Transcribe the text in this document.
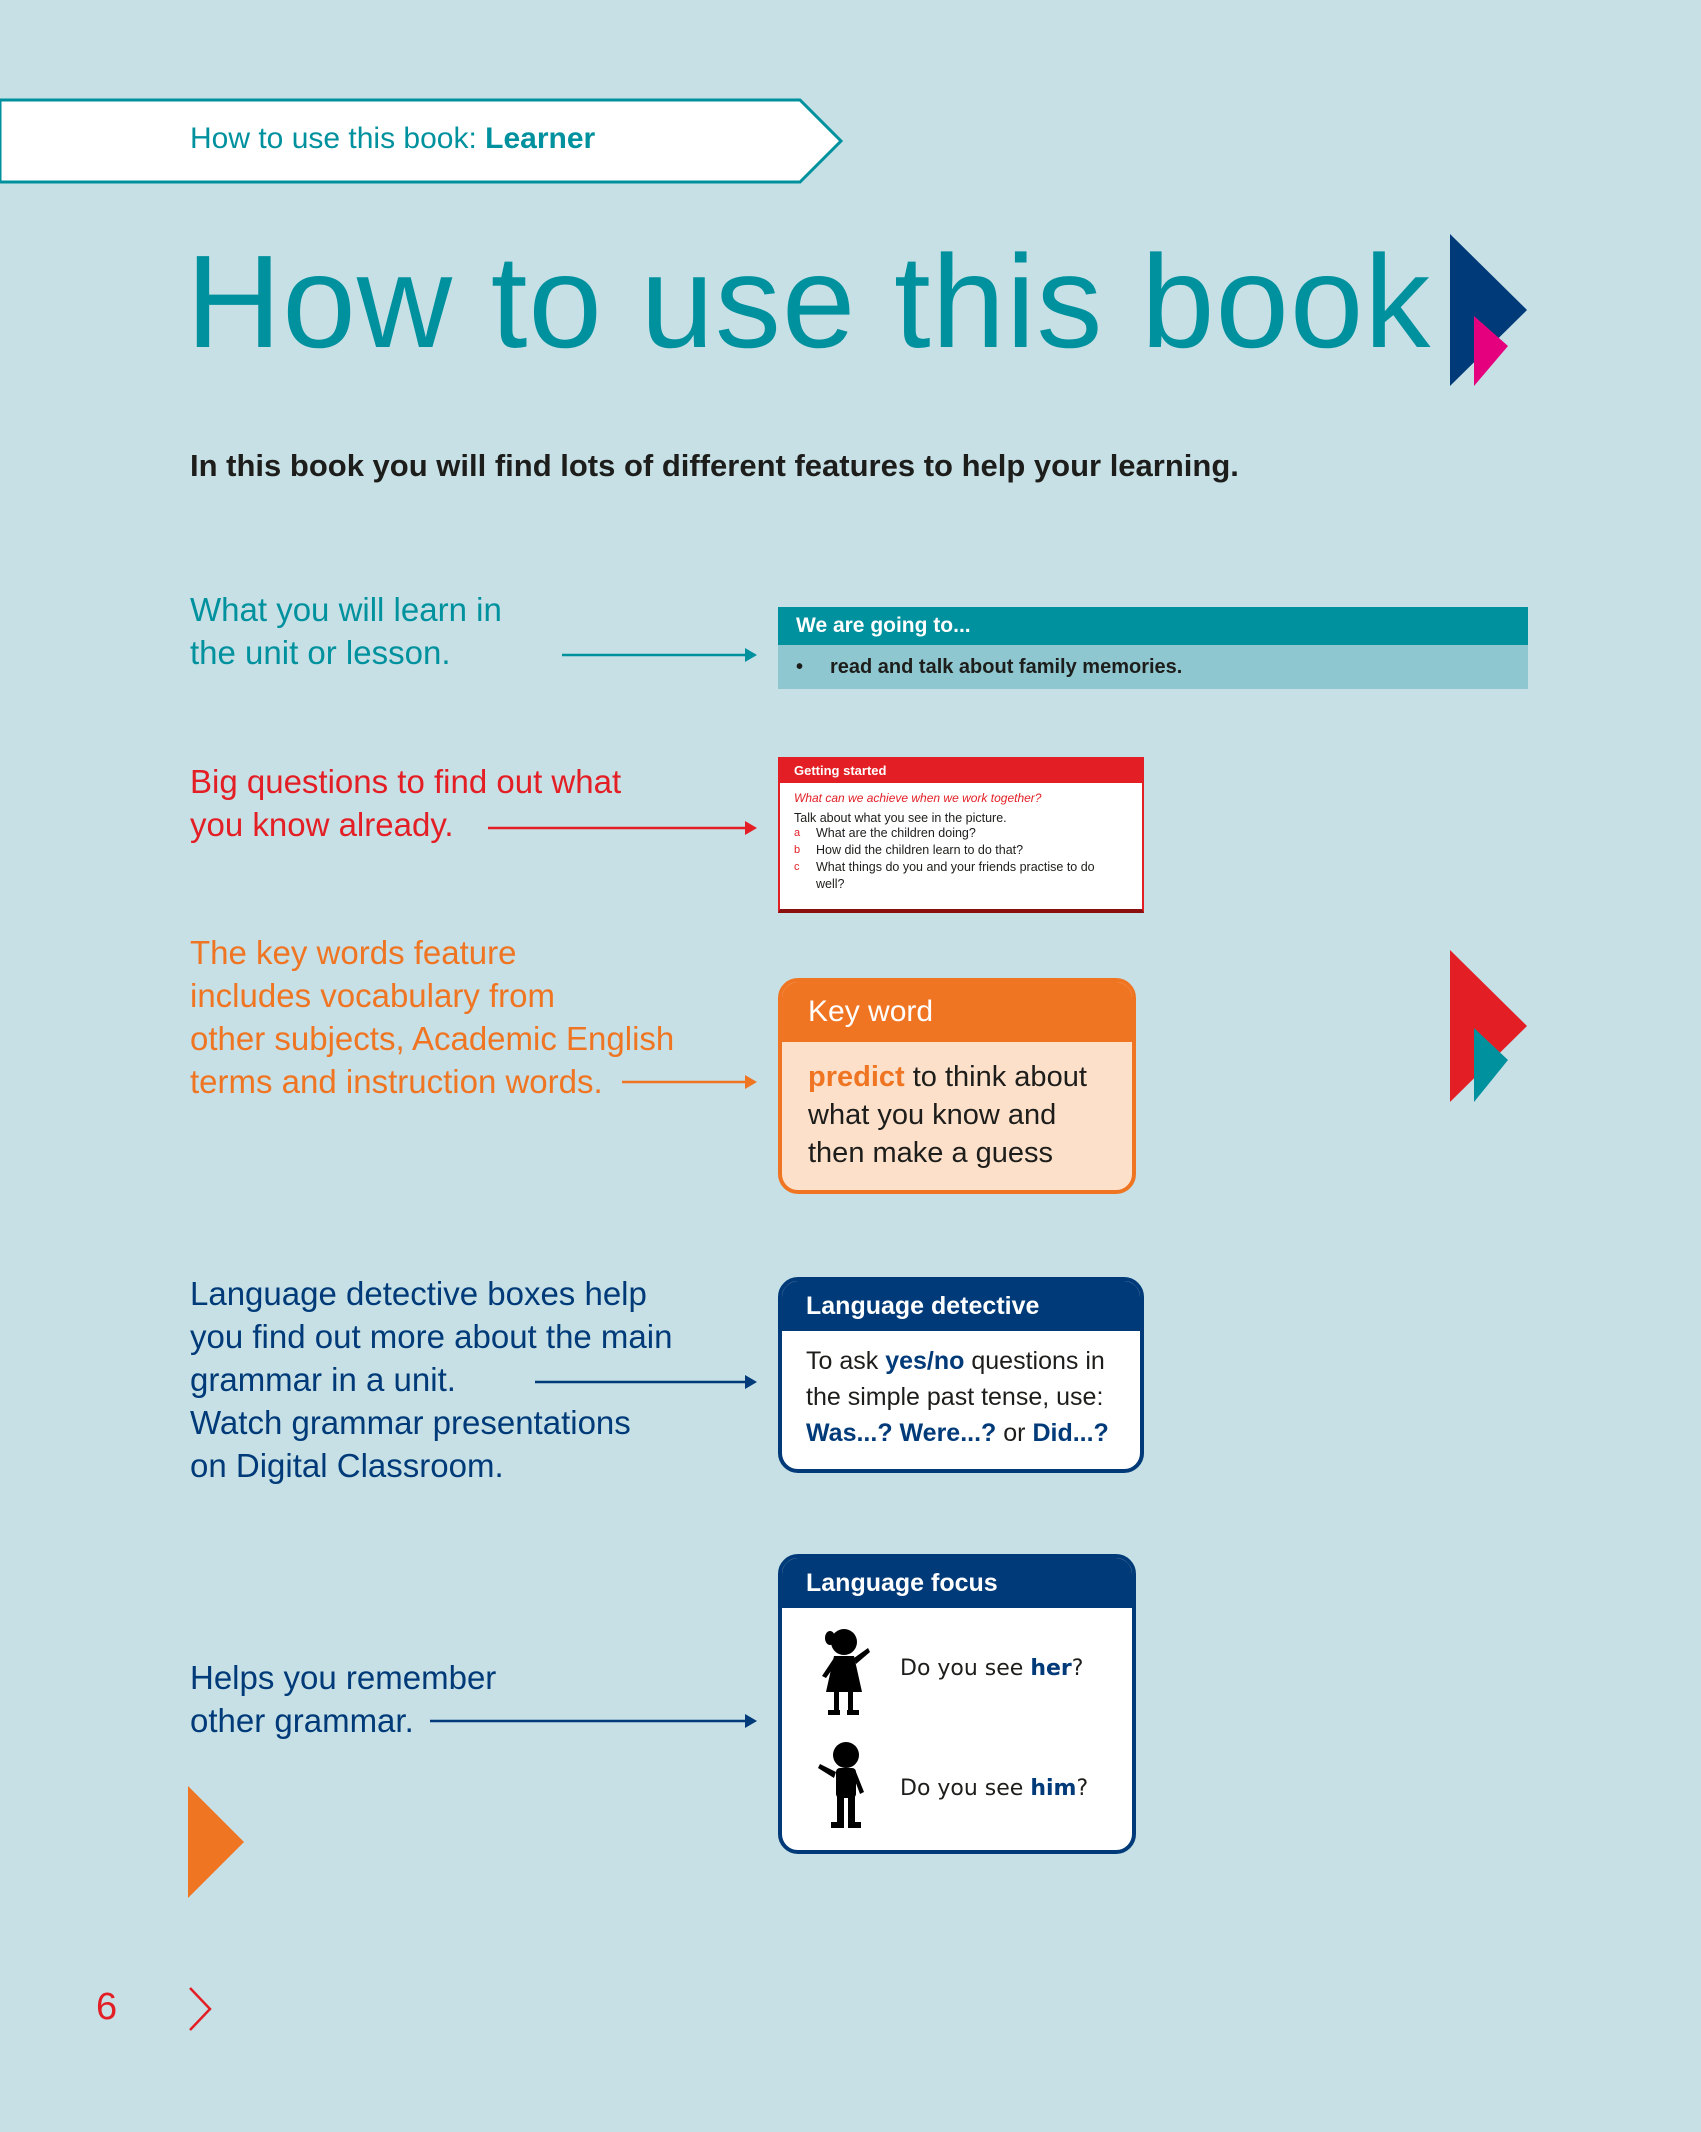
How to use this book: Learner
How to use this book
In this book you will find lots of different features to help your learning.
What you will learn in
the unit or lesson.
We are going to...
• read and talk about family memories.
Big questions to find out what
you know already.
Getting started
What can we achieve when we work together?
Talk about what you see in the picture.
a	What are the children doing?
b	How did the children learn to do that?
c	What things do you and your friends practise to do well?
The key words feature
includes vocabulary from
other subjects, Academic English
terms and instruction words.
Key word
predict to think about what you know and then make a guess
Language detective boxes help
you find out more about the main
grammar in a unit.
Watch grammar presentations
on Digital Classroom.
Language detective
To ask yes/no questions in the simple past tense, use:
Was...? Were...? or Did...?
Helps you remember
other grammar.
Language focus
Do you see her?
Do you see him?
6
